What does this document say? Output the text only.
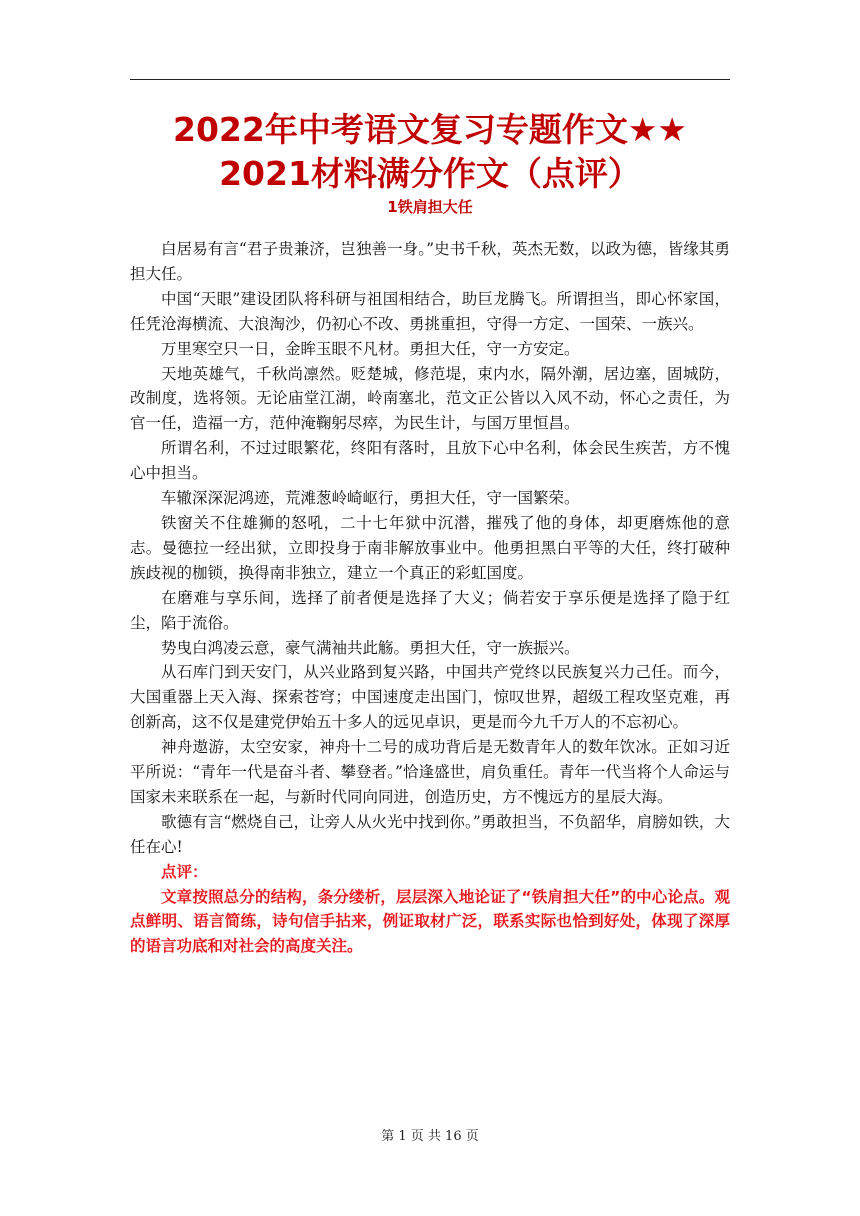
2022年中考语文复习专题作文★★
2021材料满分作文（点评）
1铁肩担大任

白居易有言“君子贵兼济，岂独善一身。”史书千秋，英杰无数，以政为德，皆缘其勇担大任。

中国“天眼”建设团队将科研与祖国相结合，助巨龙腾飞。所谓担当，即心怀家国，任凭沧海横流、大浪淘沙，仍初心不改、勇挑重担，守得一方定、一国荣、一族兴。

万里寒空只一日，金眸玉眼不凡材。勇担大任，守一方安定。

天地英雄气，千秋尚凛然。贬楚城，修范堤，束内水，隔外潮，居边塞，固城防，改制度，选将领。无论庙堂江湖，岭南塞北，范文正公皆以入风不动，怀心之责任，为官一任，造福一方，范仲淹鞠躬尽瘁，为民生计，与国万里恒昌。

所谓名利，不过过眼繁花，终阳有落时，且放下心中名利，体会民生疾苦，方不愧心中担当。

车辙深深泥鸿迹，荒滩葱岭崎岖行，勇担大任，守一国繁荣。

铁窗关不住雄狮的怒吼，二十七年狱中沉潜，摧残了他的身体，却更磨炼他的意志。曼德拉一经出狱，立即投身于南非解放事业中。他勇担黑白平等的大任，终打破种族歧视的枷锁，换得南非独立，建立一个真正的彩虹国度。

在磨难与享乐间，选择了前者便是选择了大义；倘若安于享乐便是选择了隐于红尘，陷于流俗。

势曳白鸿凌云意，豪气满袖共此觞。勇担大任，守一族振兴。

从石库门到天安门，从兴业路到复兴路，中国共产党终以民族复兴力己任。而今，大国重器上天入海、探索苍穹；中国速度走出国门，惊叹世界，超级工程攻坚克难，再创新高，这不仅是建党伊始五十多人的远见卓识，更是而今九千万人的不忘初心。

神舟遨游，太空安家，神舟十二号的成功背后是无数青年人的数年饮冰。正如习近平所说：“青年一代是奋斗者、攀登者。”恰逢盛世，肩负重任。青年一代当将个人命运与国家未来联系在一起，与新时代同向同进，创造历史，方不愧远方的星辰大海。

歌德有言“燃烧自己，让旁人从火光中找到你。”勇敢担当，不负韶华，肩膀如铁，大任在心!

点评：

文章按照总分的结构，条分缕析，层层深入地论证了“铁肩担大任”的中心论点。观点鲜明、语言简练，诗句信手拈来，例证取材广泛，联系实际也恰到好处，体现了深厚的语言功底和对社会的高度关注。

第 1 页 共 16 页
